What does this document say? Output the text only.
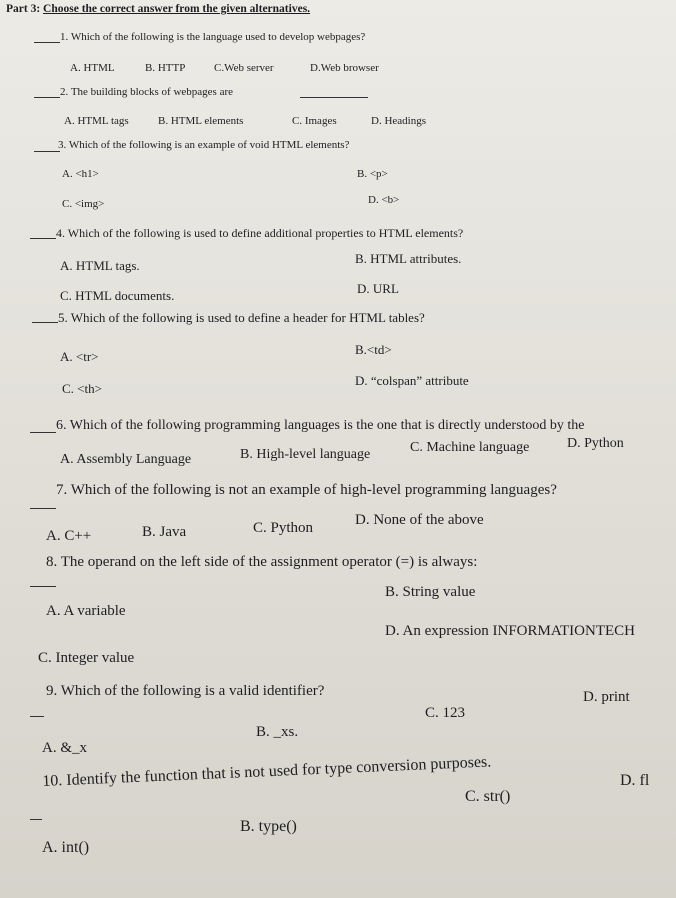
Part 3: Choose the correct answer from the given alternatives.
1. Which of the following is the language used to develop webpages?
A. HTML	B. HTTP	C.Web server	D.Web browser
2. The building blocks of webpages are
A. HTML tags	B. HTML elements	C. Images	D. Headings
3. Which of the following is an example of void HTML elements?
A. <h1>	B. <p>
C. <img>	D. <b>
4. Which of the following is used to define additional properties to HTML elements?
A. HTML tags.	B. HTML attributes.
C. HTML documents.	D. URL
5. Which of the following is used to define a header for HTML tables?
A. <tr>	B.<td>
C. <th>
D. “colspan” attribute
6. Which of the following programming languages is the one that is directly understood by the
A. Assembly Language	B. High-level language	C. Machine language	D. Python
7. Which of the following is not an example of high-level programming languages?
A. C++	B. Java	C. Python	D. None of the above
8. The operand on the left side of the assignment operator (=) is always:
A. A variable
B. String value
C. Integer value
D. An expression INFORMATIONTECH
9. Which of the following is a valid identifier?
A. &_x
B. _xs.
C. 123
D. print
10. Identify the function that is not used for type conversion purposes.
A. int()
B. type()
C. str()
D. fl
